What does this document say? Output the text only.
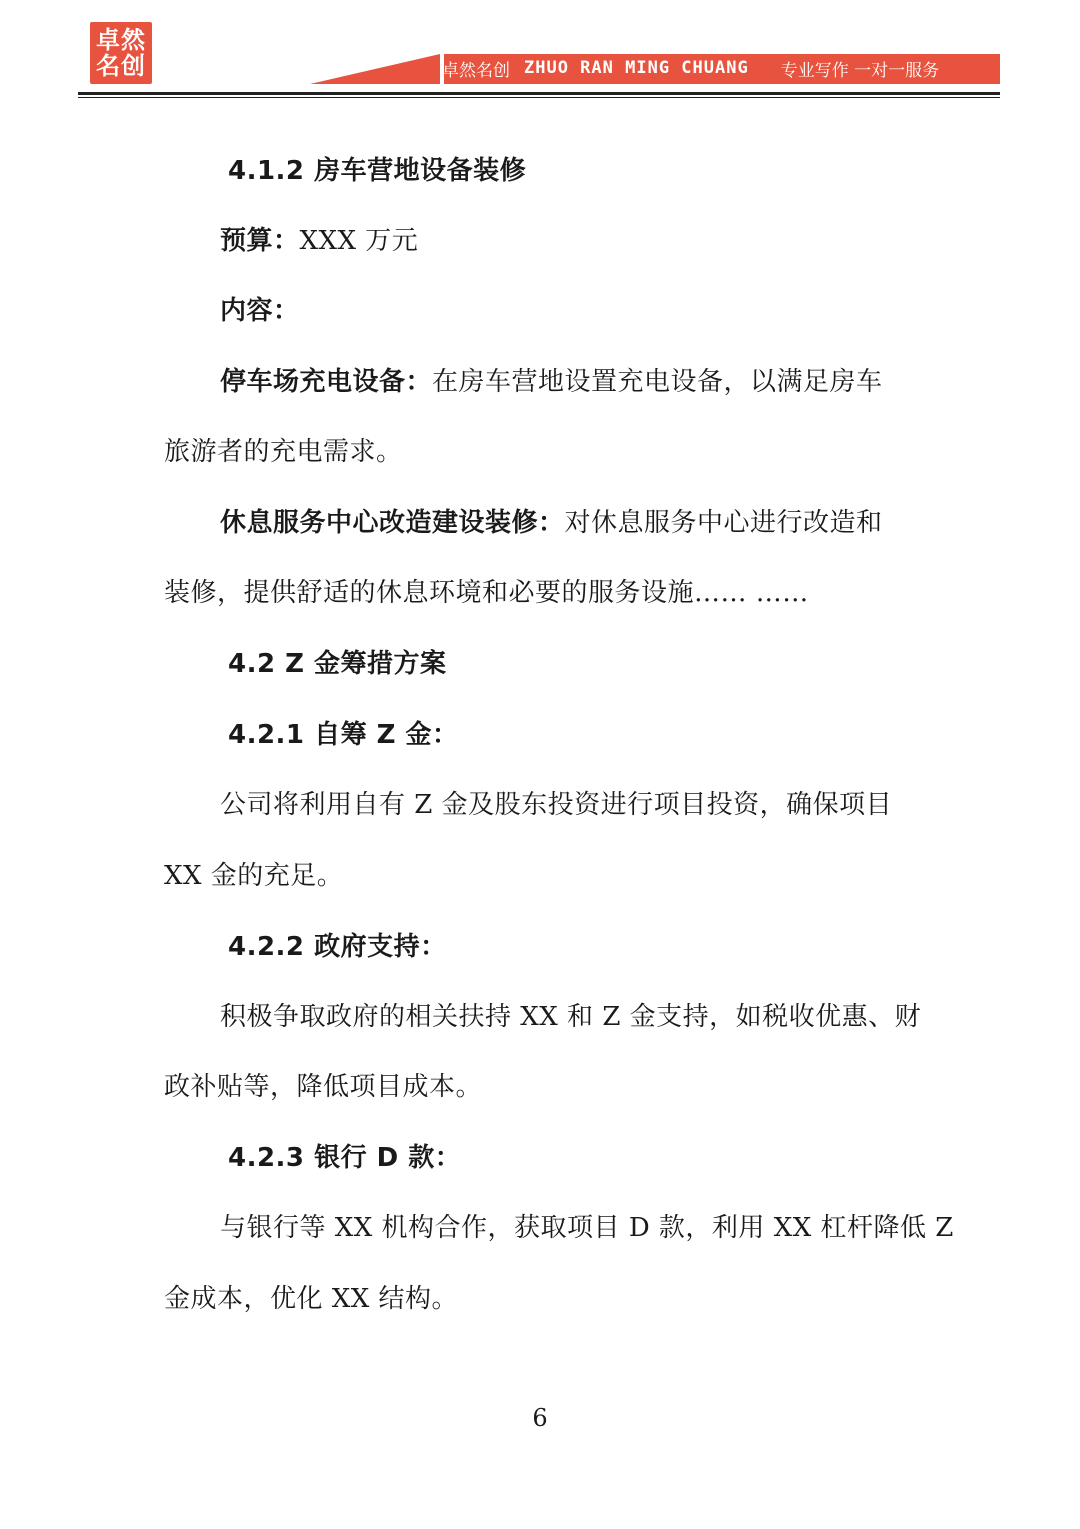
卓然
名创	卓然名创 ZHUO RAN MING CHUANG 专业写作 一对一服务
4.1.2 房车营地设备装修
预算：XXX 万元
内容：
停车场充电设备：在房车营地设置充电设备，以满足房车
旅游者的充电需求。
休息服务中心改造建设装修：对休息服务中心进行改造和
装修，提供舒适的休息环境和必要的服务设施…… ……
4.2 Z 金筹措方案
4.2.1 自筹 Z 金：
公司将利用自有 Z 金及股东投资进行项目投资，确保项目
XX 金的充足。
4.2.2 政府支持：
积极争取政府的相关扶持 XX 和 Z 金支持，如税收优惠、财
政补贴等，降低项目成本。
4.2.3 银行 D 款：
与银行等 XX 机构合作，获取项目 D 款，利用 XX 杠杆降低 Z
金成本，优化 XX 结构。
6
